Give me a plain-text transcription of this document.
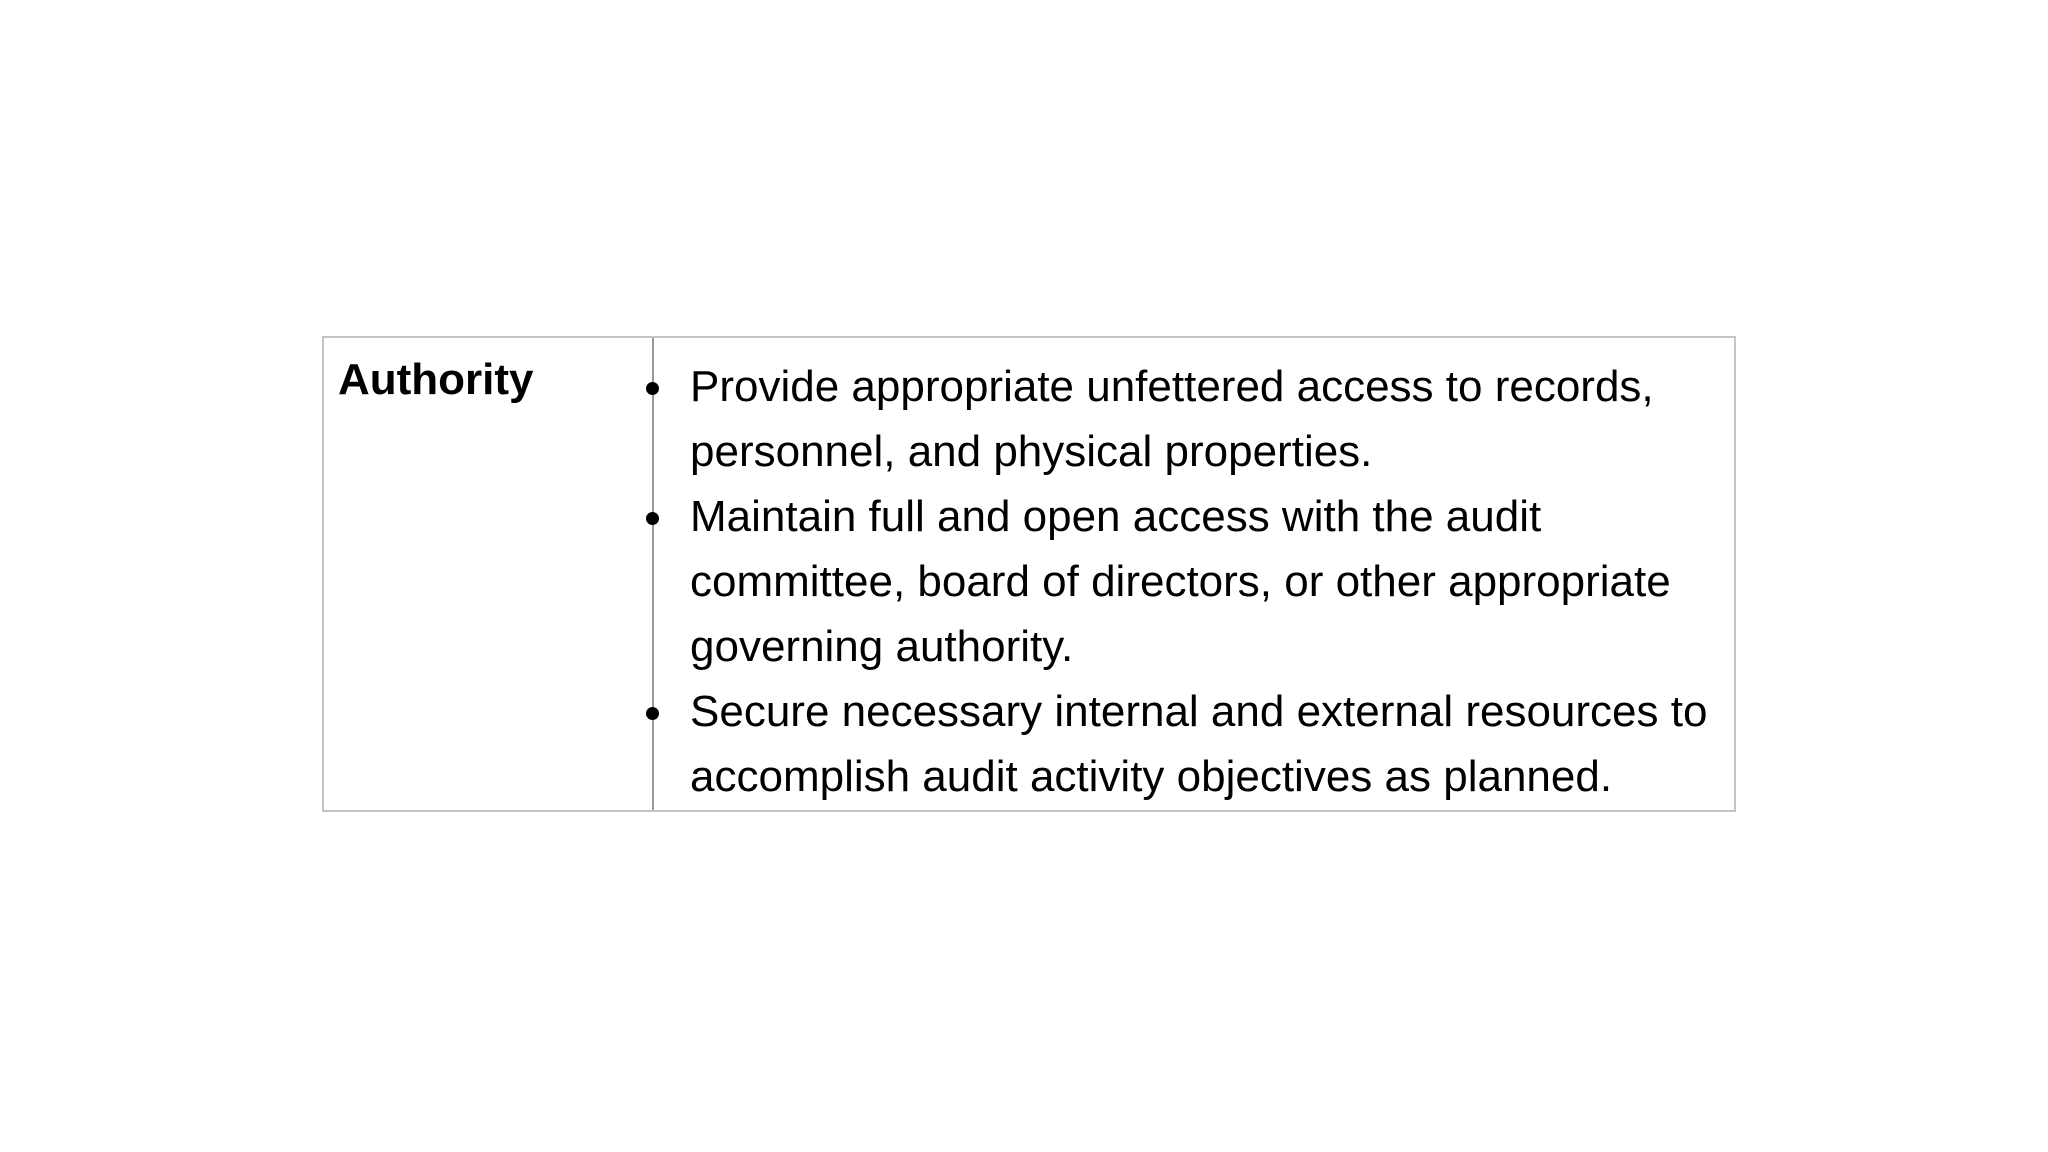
Authority	Provide appropriate unfettered access to records, personnel, and physical properties.
Maintain full and open access with the audit committee, board of directors, or other appropriate governing authority.
Secure necessary internal and external resources to accomplish audit activity objectives as planned.
